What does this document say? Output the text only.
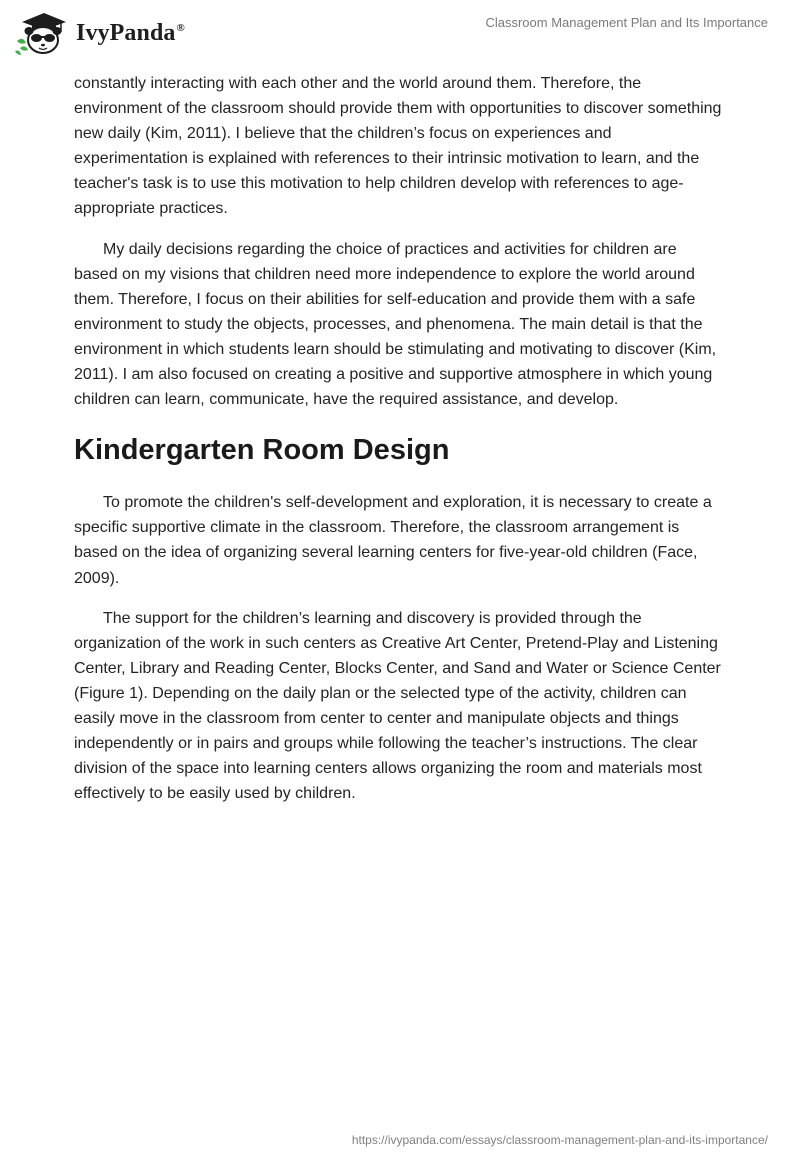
IvyPanda®	Classroom Management Plan and Its Importance

constantly interacting with each other and the world around them. Therefore, the environment of the classroom should provide them with opportunities to discover something new daily (Kim, 2011). I believe that the children’s focus on experiences and experimentation is explained with references to their intrinsic motivation to learn, and the teacher's task is to use this motivation to help children develop with references to age-appropriate practices.

My daily decisions regarding the choice of practices and activities for children are based on my visions that children need more independence to explore the world around them. Therefore, I focus on their abilities for self-education and provide them with a safe environment to study the objects, processes, and phenomena. The main detail is that the environment in which students learn should be stimulating and motivating to discover (Kim, 2011). I am also focused on creating a positive and supportive atmosphere in which young children can learn, communicate, have the required assistance, and develop.

Kindergarten Room Design

To promote the children's self-development and exploration, it is necessary to create a specific supportive climate in the classroom. Therefore, the classroom arrangement is based on the idea of organizing several learning centers for five-year-old children (Face, 2009).

The support for the children’s learning and discovery is provided through the organization of the work in such centers as Creative Art Center, Pretend-Play and Listening Center, Library and Reading Center, Blocks Center, and Sand and Water or Science Center (Figure 1). Depending on the daily plan or the selected type of the activity, children can easily move in the classroom from center to center and manipulate objects and things independently or in pairs and groups while following the teacher’s instructions. The clear division of the space into learning centers allows organizing the room and materials most effectively to be easily used by children.

https://ivypanda.com/essays/classroom-management-plan-and-its-importance/
